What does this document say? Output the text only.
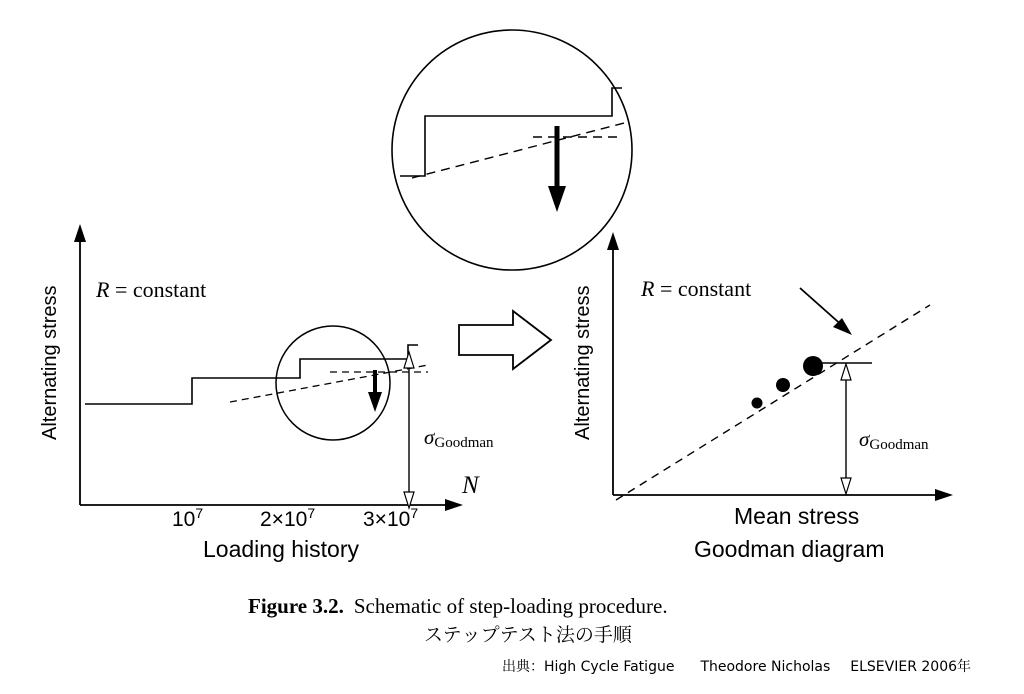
R = constant
Alternating stress
N
$10^7$	$2\times 10^7$ $3\times 10^7$
σGoodman
Loading history
R = constant
Alternating stress
Mean stress
σGoodman
Goodman diagram
Figure 3.2. Schematic of step-loading procedure.
ステップテスト法の手順
出典：High Cycle Fatigue Theodore Nicholas ELSEVIER 2006年
